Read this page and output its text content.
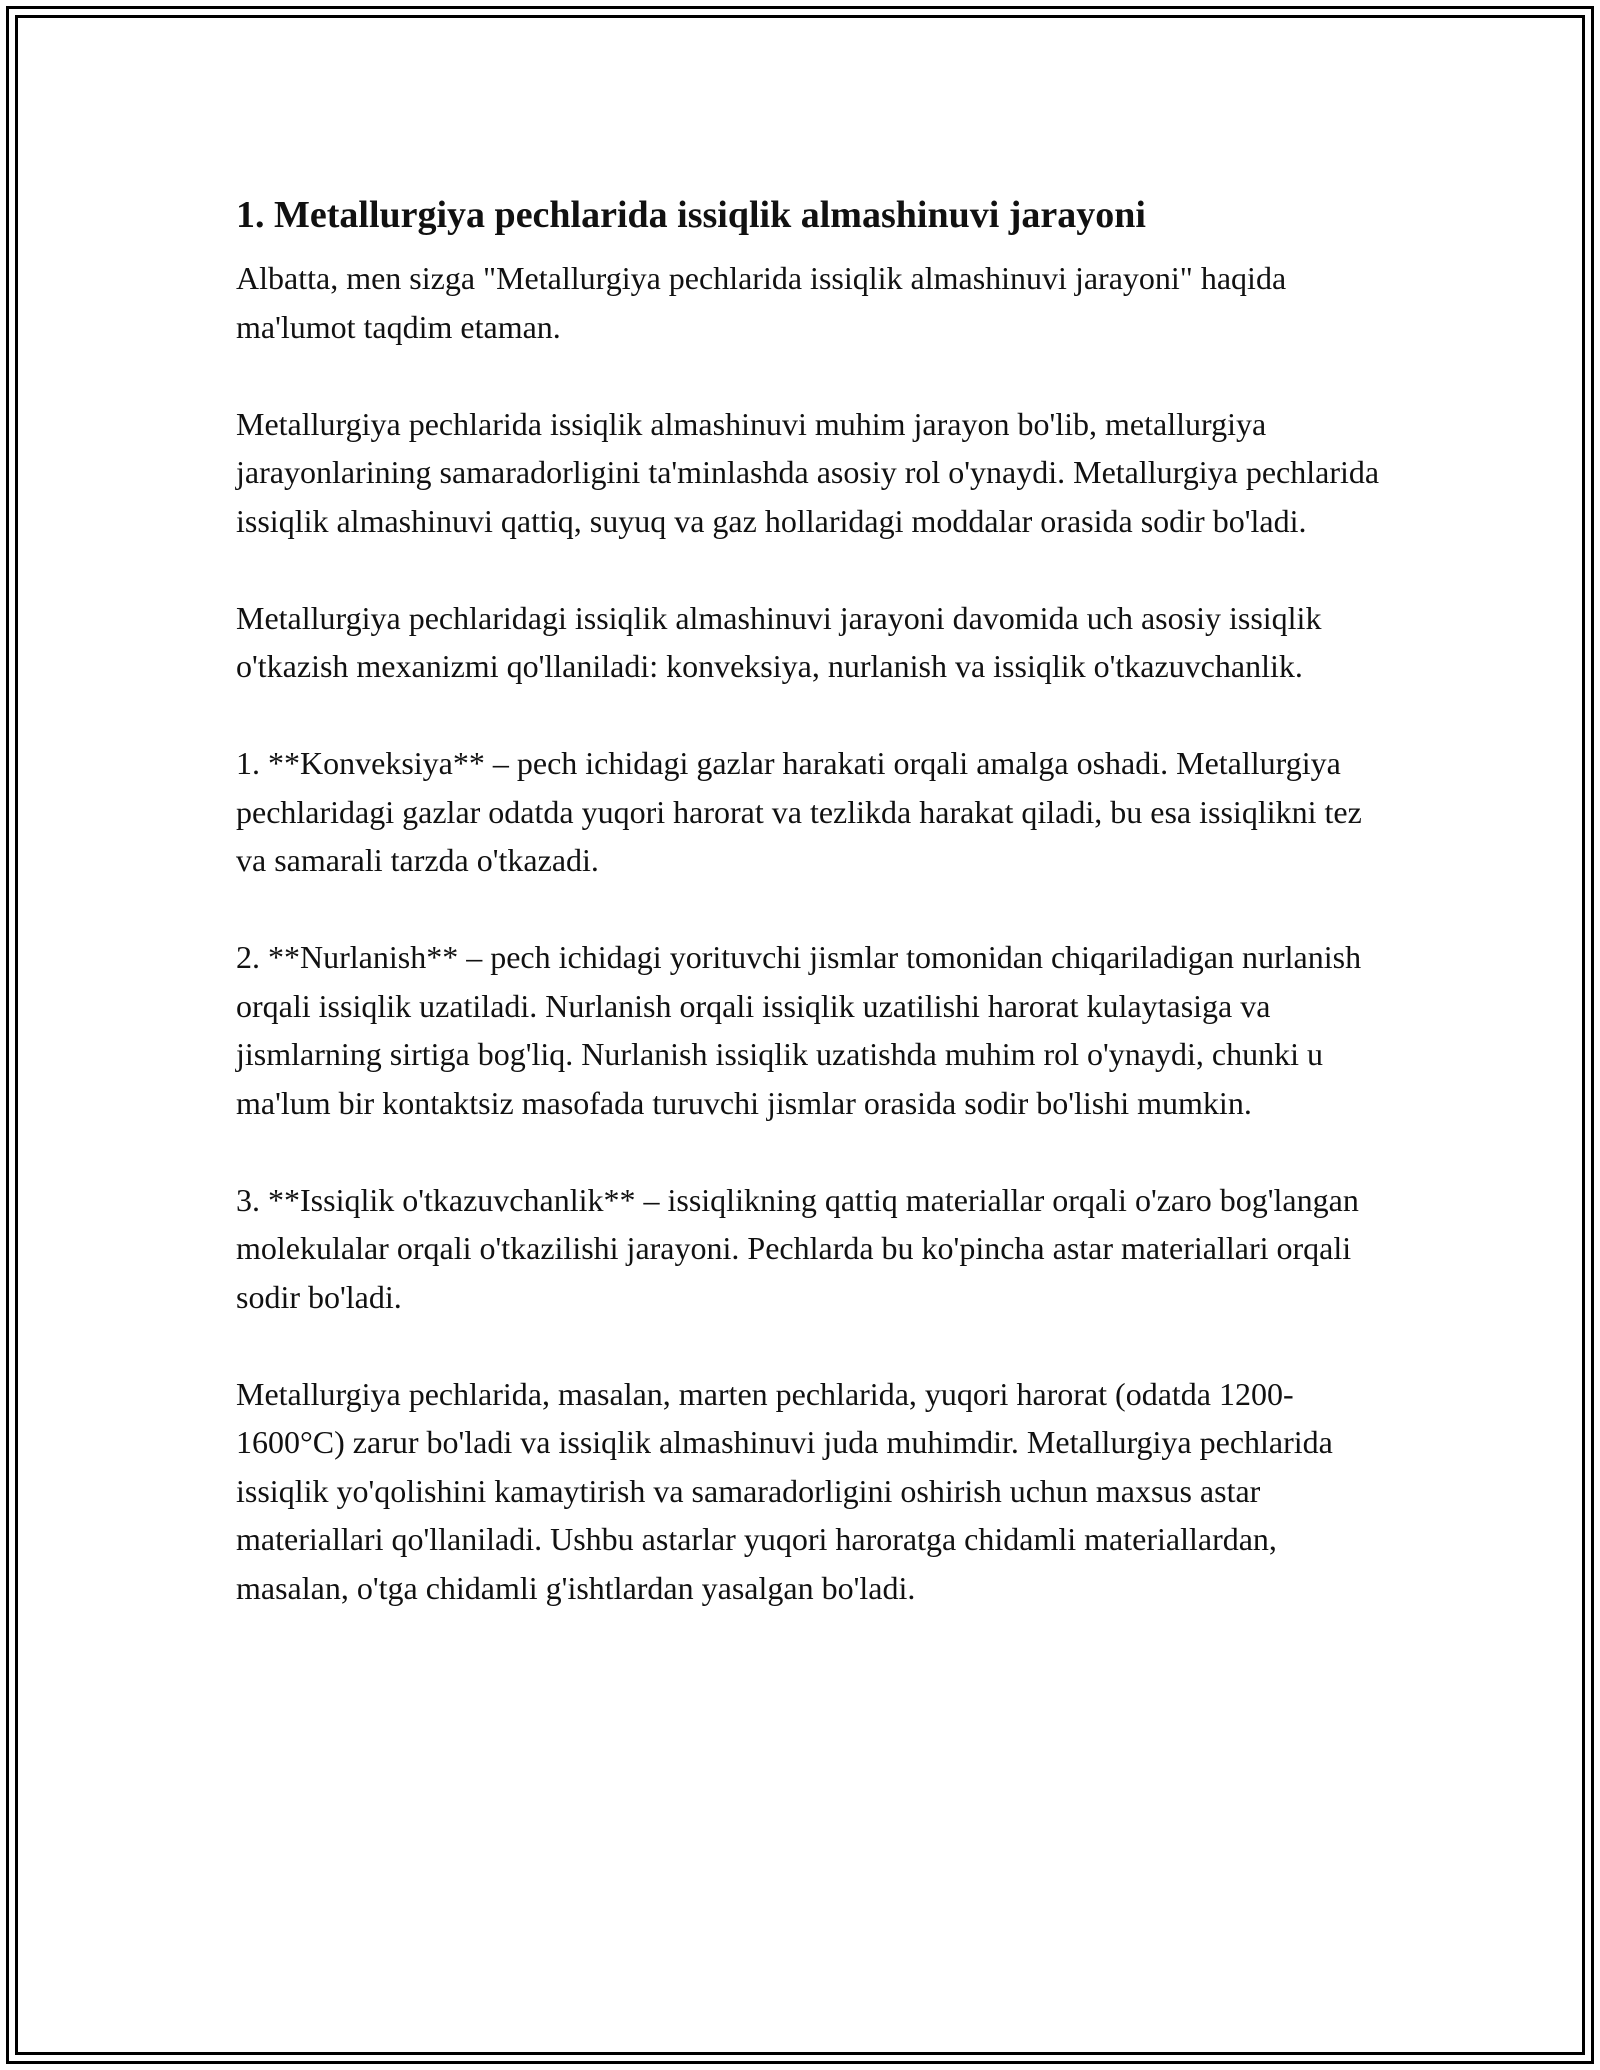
1. Metallurgiya pechlarida issiqlik almashinuvi jarayoni

Albatta, men sizga "Metallurgiya pechlarida issiqlik almashinuvi jarayoni" haqida ma'lumot taqdim etaman.

Metallurgiya pechlarida issiqlik almashinuvi muhim jarayon bo'lib, metallurgiya jarayonlarining samaradorligini ta'minlashda asosiy rol o'ynaydi. Metallurgiya pechlarida issiqlik almashinuvi qattiq, suyuq va gaz hollaridagi moddalar orasida sodir bo'ladi.

Metallurgiya pechlaridagi issiqlik almashinuvi jarayoni davomida uch asosiy issiqlik o'tkazish mexanizmi qo'llaniladi: konveksiya, nurlanish va issiqlik o'tkazuvchanlik.

1. **Konveksiya** – pech ichidagi gazlar harakati orqali amalga oshadi. Metallurgiya pechlaridagi gazlar odatda yuqori harorat va tezlikda harakat qiladi, bu esa issiqlikni tez va samarali tarzda o'tkazadi.

2. **Nurlanish** – pech ichidagi yorituvchi jismlar tomonidan chiqariladigan nurlanish orqali issiqlik uzatiladi. Nurlanish orqali issiqlik uzatilishi harorat kulaytasiga va jismlarning sirtiga bog'liq. Nurlanish issiqlik uzatishda muhim rol o'ynaydi, chunki u ma'lum bir kontaktsiz masofada turuvchi jismlar orasida sodir bo'lishi mumkin.

3. **Issiqlik o'tkazuvchanlik** – issiqlikning qattiq materiallar orqali o'zaro bog'langan molekulalar orqali o'tkazilishi jarayoni. Pechlarda bu ko'pincha astar materiallari orqali sodir bo'ladi.

Metallurgiya pechlarida, masalan, marten pechlarida, yuqori harorat (odatda 1200-1600°C) zarur bo'ladi va issiqlik almashinuvi juda muhimdir. Metallurgiya pechlarida issiqlik yo'qolishini kamaytirish va samaradorligini oshirish uchun maxsus astar materiallari qo'llaniladi. Ushbu astarlar yuqori haroratga chidamli materiallardan, masalan, o'tga chidamli g'ishtlardan yasalgan bo'ladi.
